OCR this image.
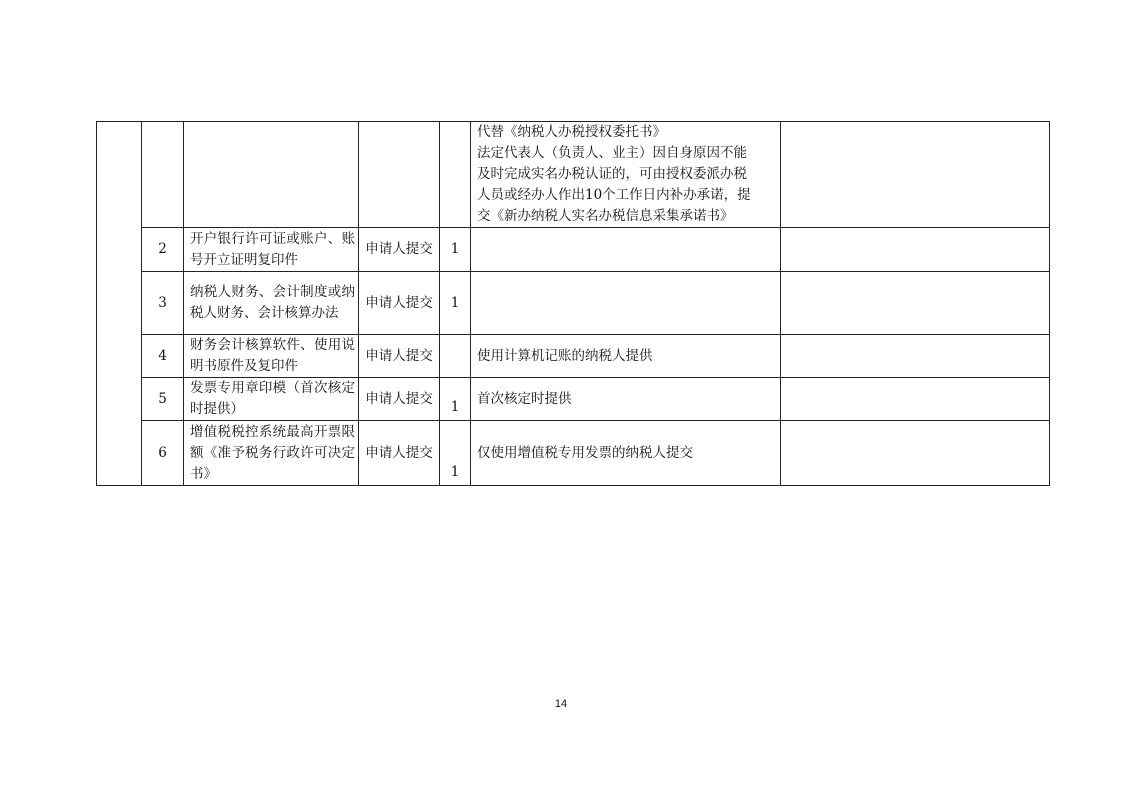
					代替《纳税人办税授权委托书》
法定代表人（负责人、业主）因自身原因不能
及时完成实名办税认证的，可由授权委派办税
人员或经办人作出10个工作日内补办承诺，提
交《新办纳税人实名办税信息采集承诺书》	

	2	开户银行许可证或账户、账号开立证明复印件	申请人提交	1		
	3	纳税人财务、会计制度或纳税人财务、会计核算办法	申请人提交	1		
	4	财务会计核算软件、使用说明书原件及复印件	申请人提交		使用计算机记账的纳税人提供	
	5	发票专用章印模（首次核定时提供）	申请人提交	1	首次核定时提供	
	6	增值税税控系统最高开票限额《准予税务行政许可决定书》	申请人提交	1	仅使用增值税专用发票的纳税人提交	
14
